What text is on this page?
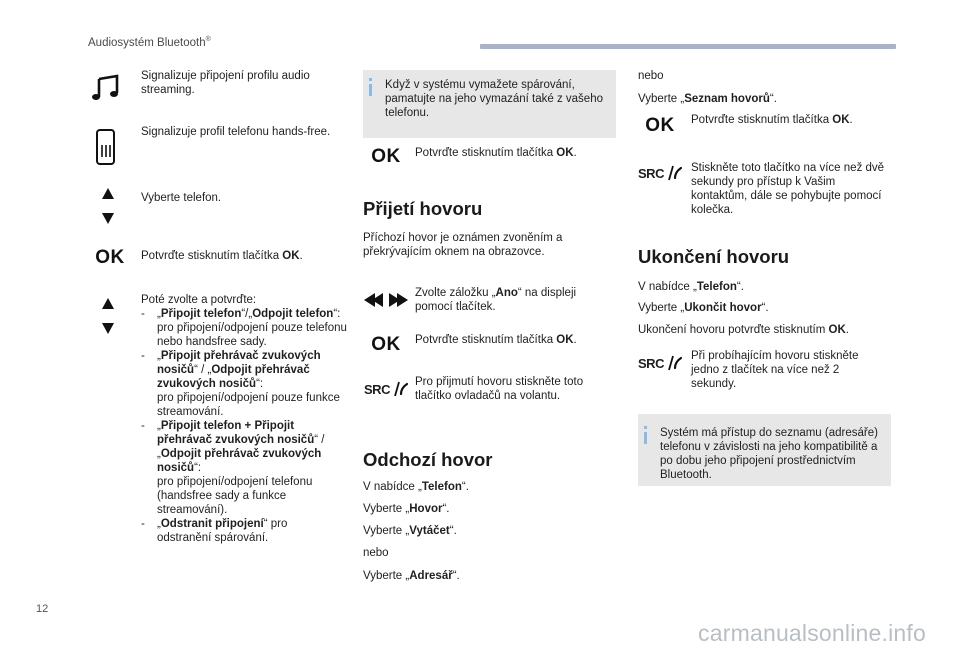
Audiosystém Bluetooth®
Signalizuje připojení profilu audio streaming.
Signalizuje profil telefonu hands-free.
Vyberte telefon.
OK	Potvrďte stisknutím tlačítka OK.
Poté zvolte a potvrďte:
- „Připojit telefon“/„Odpojit telefon“:
pro připojení/odpojení pouze telefonu nebo handsfree sady.
- „Připojit přehrávač zvukových nosičů“ / „Odpojit přehrávač zvukových nosičů“:
pro připojení/odpojení pouze funkce streamování.
- „Připojit telefon + Připojit přehrávač zvukových nosičů“ / „Odpojit přehrávač zvukových nosičů“:
pro připojení/odpojení telefonu (handsfree sady a funkce streamování).
- „Odstranit připojení“ pro
odstranění spárování.
Když v systému vymažete spárování, pamatujte na jeho vymazání také z vašeho telefonu.
OK	Potvrďte stisknutím tlačítka OK.
Přijetí hovoru
Příchozí hovor je oznámen zvoněním a překrývajícím oknem na obrazovce.
Zvolte záložku „Ano“ na displeji pomocí tlačítek.
OK	Potvrďte stisknutím tlačítka OK.
SRC Pro přijmutí hovoru stiskněte toto tlačítko ovladačů na volantu.
Odchozí hovor
V nabídce „Telefon“.
Vyberte „Hovor“.
Vyberte „Vytáčet“.
nebo
Vyberte „Adresář“.
nebo
Vyberte „Seznam hovorů“.
OK	Potvrďte stisknutím tlačítka OK.
SRC Stiskněte toto tlačítko na více než dvě sekundy pro přístup k Vašim kontaktům, dále se pohybujte pomocí kolečka.
Ukončení hovoru
V nabídce „Telefon“.
Vyberte „Ukončit hovor“.
Ukončení hovoru potvrďte stisknutím OK.
SRC Při probíhajícím hovoru stiskněte jedno z tlačítek na více než 2 sekundy.
Systém má přístup do seznamu (adresáře) telefonu v závislosti na jeho kompatibilitě a po dobu jeho připojení prostřednictvím Bluetooth.
12
carmanualsonline.info
